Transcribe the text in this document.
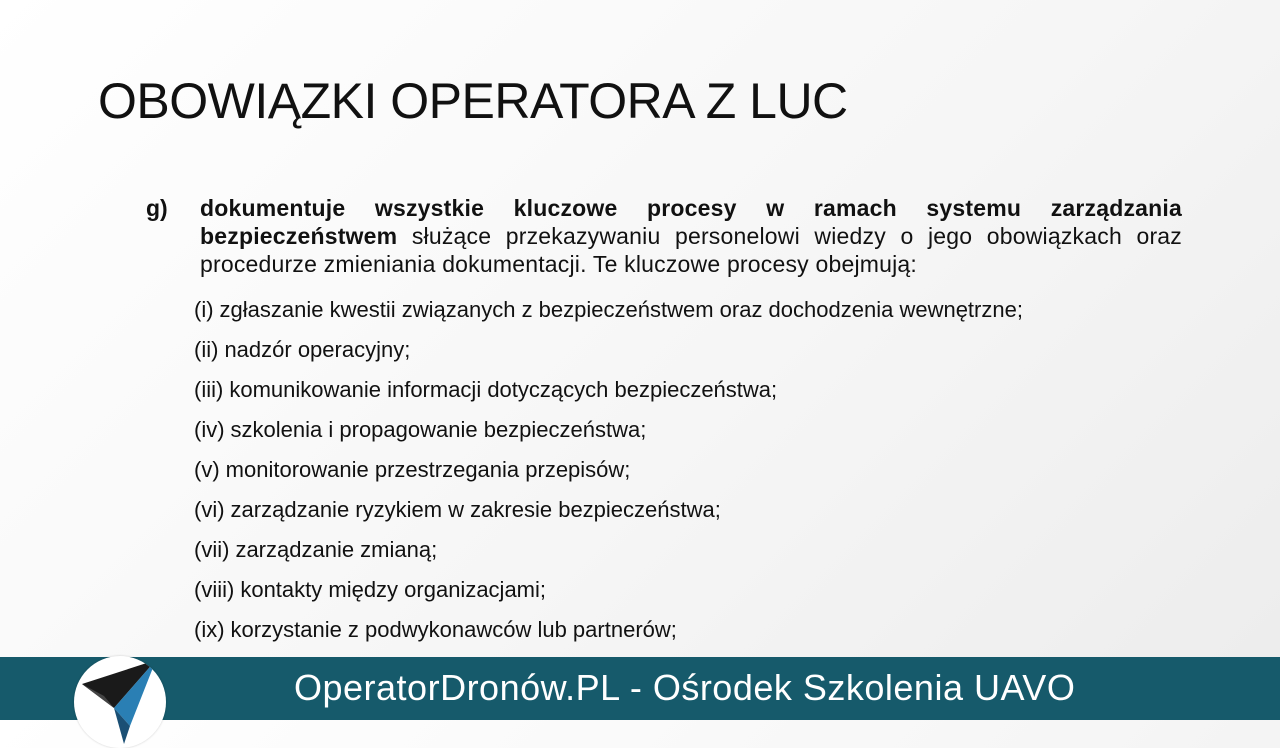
OBOWIĄZKI OPERATORA Z LUC
g)	dokumentuje wszystkie kluczowe procesy w ramach systemu zarządzania bezpieczeństwem służące przekazywaniu personelowi wiedzy o jego obowiązkach oraz procedurze zmieniania dokumentacji. Te kluczowe procesy obejmują:
(i) zgłaszanie kwestii związanych z bezpieczeństwem oraz dochodzenia wewnętrzne;
(ii) nadzór operacyjny;
(iii) komunikowanie informacji dotyczących bezpieczeństwa;
(iv) szkolenia i propagowanie bezpieczeństwa;
(v) monitorowanie przestrzegania przepisów;
(vi) zarządzanie ryzykiem w zakresie bezpieczeństwa;
(vii) zarządzanie zmianą;
(viii) kontakty między organizacjami;
(ix) korzystanie z podwykonawców lub partnerów;
OperatorDronów.PL - Ośrodek Szkolenia UAVO
